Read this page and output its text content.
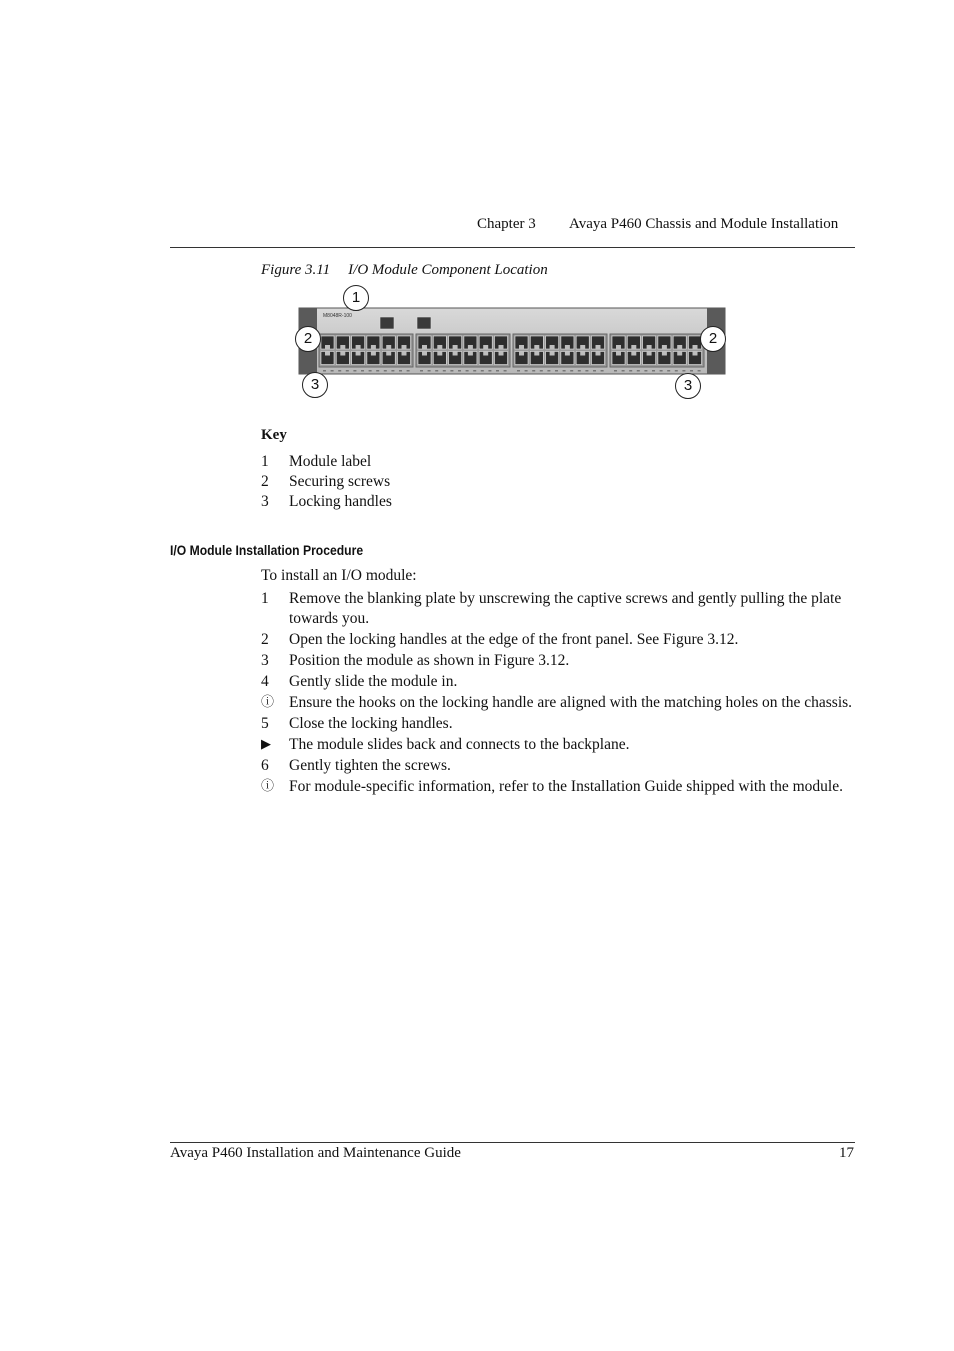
Chapter 3 Avaya P460 Chassis and Module Installation
Figure 3.11 I/O Module Component Location
M8048R-100
1
2	2
3	3
Key
1	Module label
2	Securing screws
3	Locking handles
I/O Module Installation Procedure
To install an I/O module:
1	Remove the blanking plate by unscrewing the captive screws and gently pulling the plate towards you.
2	Open the locking handles at the edge of the front panel. See Figure 3.12.
3	Position the module as shown in Figure 3.12.
4	Gently slide the module in.
ⓘ Ensure the hooks on the locking handle are aligned with the matching holes on the chassis.
5	Close the locking handles.
▶	The module slides back and connects to the backplane.
6	Gently tighten the screws.
ⓘ For module-specific information, refer to the Installation Guide shipped with the module.
Avaya P460 Installation and Maintenance Guide	17
